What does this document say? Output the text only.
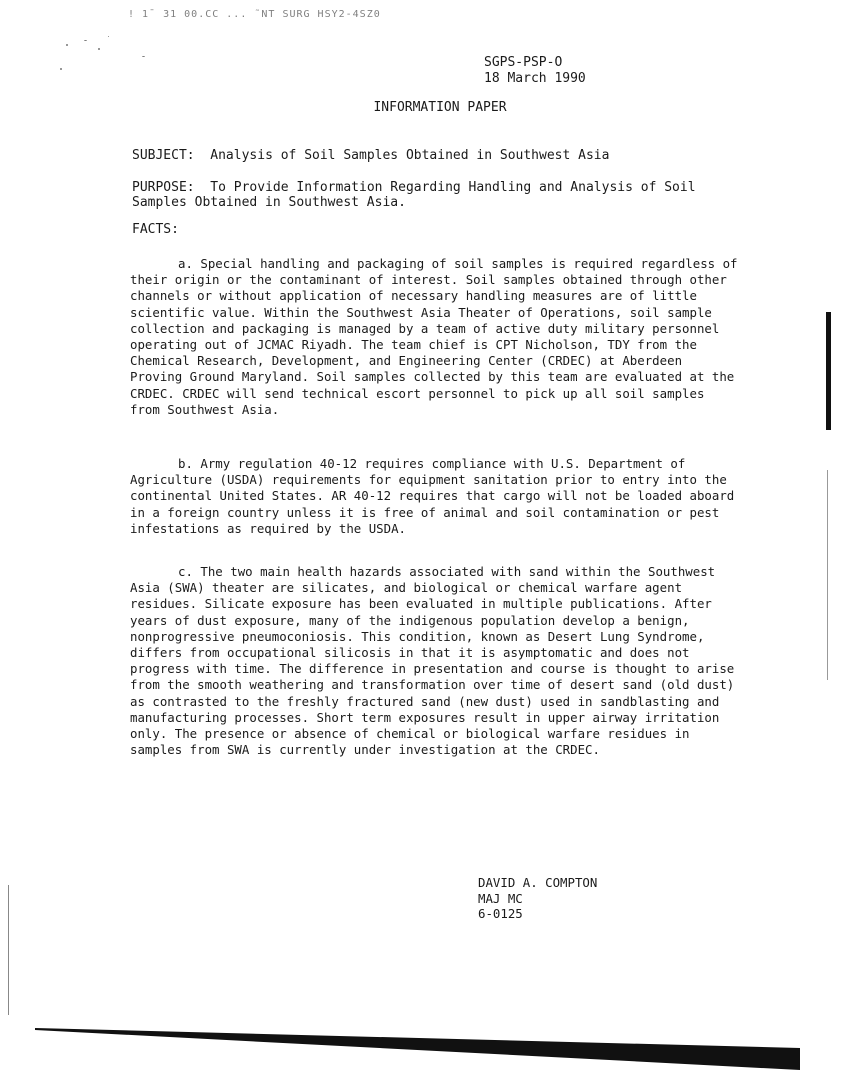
! 1¯ 31 00.CC ... ˜NT SURG HSY2-4SZ0
SGPS-PSP-O
18 March 1990
INFORMATION PAPER
SUBJECT: Analysis of Soil Samples Obtained in Southwest Asia
PURPOSE: To Provide Information Regarding Handling and Analysis of Soil Samples Obtained in Southwest Asia.
FACTS:

a. Special handling and packaging of soil samples is required regardless of their origin or the contaminant of interest. Soil samples obtained through other channels or without application of necessary handling measures are of little scientific value. Within the Southwest Asia Theater of Operations, soil sample collection and packaging is managed by a team of active duty military personnel operating out of JCMAC Riyadh. The team chief is CPT Nicholson, TDY from the Chemical Research, Development, and Engineering Center (CRDEC) at Aberdeen Proving Ground Maryland. Soil samples collected by this team are evaluated at the CRDEC. CRDEC will send technical escort personnel to pick up all soil samples from Southwest Asia.

b. Army regulation 40-12 requires compliance with U.S. Department of Agriculture (USDA) requirements for equipment sanitation prior to entry into the continental United States. AR 40-12 requires that cargo will not be loaded aboard in a foreign country unless it is free of animal and soil contamination or pest infestations as required by the USDA.

c. The two main health hazards associated with sand within the Southwest Asia (SWA) theater are silicates, and biological or chemical warfare agent residues. Silicate exposure has been evaluated in multiple publications. After years of dust exposure, many of the indigenous population develop a benign, nonprogressive pneumoconiosis. This condition, known as Desert Lung Syndrome, differs from occupational silicosis in that it is asymptomatic and does not progress with time. The difference in presentation and course is thought to arise from the smooth weathering and transformation over time of desert sand (old dust) as contrasted to the freshly fractured sand (new dust) used in sandblasting and manufacturing processes. Short term exposures result in upper airway irritation only. The presence or absence of chemical or biological warfare residues in samples from SWA is currently under investigation at the CRDEC.

DAVID A. COMPTON
MAJ MC
6-0125
